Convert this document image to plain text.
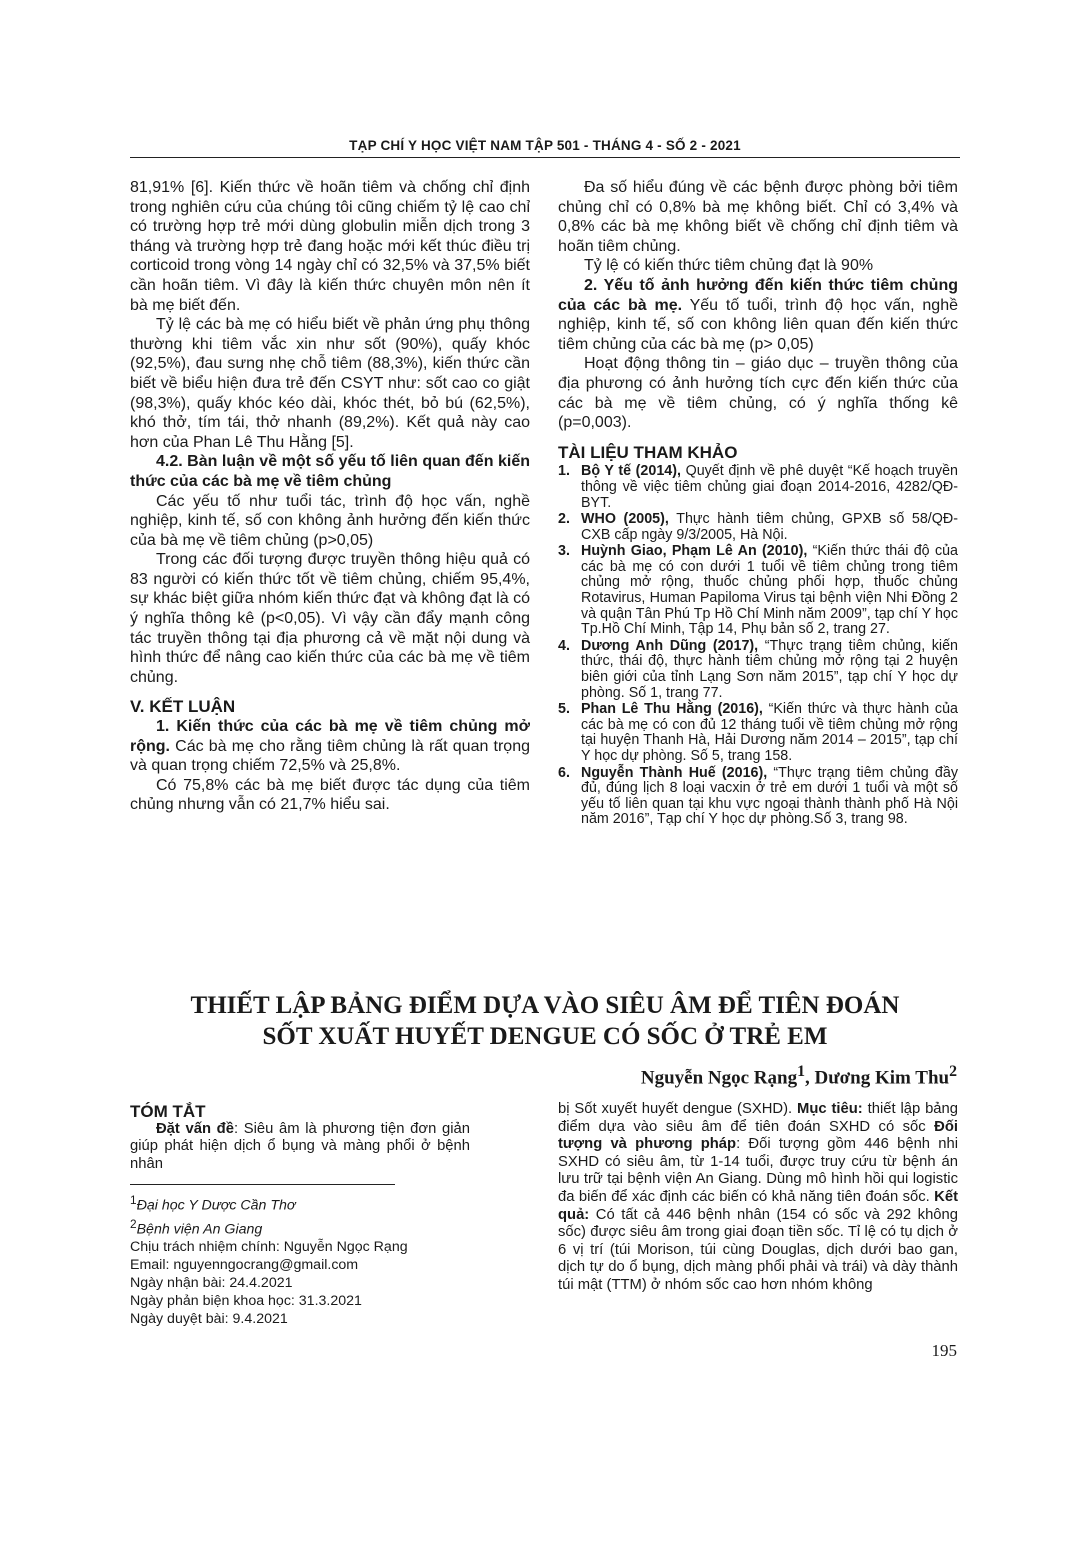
TẠP CHÍ Y HỌC VIỆT NAM TẬP 501 - THÁNG 4 - SỐ 2 - 2021

81,91% [6]. Kiến thức về hoãn tiêm và chống chỉ định trong nghiên cứu của chúng tôi cũng chiếm tỷ lệ cao chỉ có trường hợp trẻ mới dùng globulin miễn dịch trong 3 tháng và trường hợp trẻ đang hoặc mới kết thúc điều trị corticoid trong vòng 14 ngày chỉ có 32,5% và 37,5% biết cần hoãn tiêm. Vì đây là kiến thức chuyên môn nên ít bà mẹ biết đến.

Tỷ lệ các bà mẹ có hiểu biết về phản ứng phụ thông thường khi tiêm vắc xin như sốt (90%), quấy khóc (92,5%), đau sưng nhẹ chỗ tiêm (88,3%), kiến thức cần biết về biểu hiện đưa trẻ đến CSYT như: sốt cao co giật (98,3%), quấy khóc kéo dài, khóc thét, bỏ bú (62,5%), khó thở, tím tái, thở nhanh (89,2%). Kết quả này cao hơn của Phan Lê Thu Hằng [5].

4.2. Bàn luận về một số yếu tố liên quan đến kiến thức của các bà mẹ về tiêm chủng

Các yếu tố như tuổi tác, trình độ học vấn, nghề nghiệp, kinh tế, số con không ảnh hưởng đến kiến thức của bà mẹ về tiêm chủng (p>0,05)

Trong các đối tượng được truyền thông hiệu quả có 83 người có kiến thức tốt về tiêm chủng, chiếm 95,4%, sự khác biệt giữa nhóm kiến thức đạt và không đạt là có ý nghĩa thông kê (p<0,05). Vì vậy cần đẩy mạnh công tác truyền thông tại địa phương cả về mặt nội dung và hình thức để nâng cao kiến thức của các bà mẹ về tiêm chủng.

V. KẾT LUẬN

1. Kiến thức của các bà mẹ về tiêm chủng mở rộng. Các bà mẹ cho rằng tiêm chủng là rất quan trọng và quan trọng chiếm 72,5% và 25,8%.

Có 75,8% các bà mẹ biết được tác dụng của tiêm chủng nhưng vẫn có 21,7% hiểu sai.

Đa số hiểu đúng về các bệnh được phòng bởi tiêm chủng chỉ có 0,8% bà mẹ không biết. Chỉ có 3,4% và 0,8% các bà mẹ không biết về chống chỉ định tiêm và hoãn tiêm chủng.

Tỷ lệ có kiến thức tiêm chủng đạt là 90%

2. Yếu tố ảnh hưởng đến kiến thức tiêm chủng của các bà mẹ. Yếu tố tuổi, trình độ học vấn, nghề nghiệp, kinh tế, số con không liên quan đến kiến thức tiêm chủng của các bà mẹ (p> 0,05)

Hoạt động thông tin – giáo dục – truyền thông của địa phương có ảnh hưởng tích cực đến kiến thức của các bà mẹ về tiêm chủng, có ý nghĩa thống kê (p=0,003).

TÀI LIỆU THAM KHẢO

1. Bộ Y tế (2014), Quyết định về phê duyệt “Kế hoạch truyền thông về việc tiêm chủng giai đoạn 2014-2016, 4282/QĐ-BYT.
2. WHO (2005), Thực hành tiêm chủng, GPXB số 58/QĐ-CXB cấp ngày 9/3/2005, Hà Nội.
3. Huỳnh Giao, Phạm Lê An (2010), “Kiến thức thái độ của các bà mẹ có con dưới 1 tuổi về tiêm chủng trong tiêm chủng mở rộng, thuốc chủng phối hợp, thuốc chủng Rotavirus, Human Papiloma Virus tại bệnh viện Nhi Đồng 2 và quận Tân Phú Tp Hồ Chí Minh năm 2009”, tạp chí Y học Tp.Hồ Chí Minh, Tập 14, Phụ bản số 2, trang 27.
4. Dương Anh Dũng (2017), “Thực trạng tiêm chủng, kiến thức, thái độ, thực hành tiêm chủng mở rộng tại 2 huyện biên giới của tỉnh Lạng Sơn năm 2015”, tạp chí Y học dự phòng. Số 1, trang 77.
5. Phan Lê Thu Hằng (2016), “Kiến thức và thực hành của các bà mẹ có con đủ 12 tháng tuổi về tiêm chủng mở rộng tại huyện Thanh Hà, Hải Dương năm 2014 – 2015”, tạp chí Y học dự phòng. Số 5, trang 158.
6. Nguyễn Thành Huế (2016), “Thực trạng tiêm chủng đầy đủ, đúng lịch 8 loại vacxin ở trẻ em dưới 1 tuổi và một số yếu tố liên quan tại khu vực ngoại thành thành phố Hà Nội năm 2016”, Tạp chí Y học dự phòng.Số 3, trang 98.
THIẾT LẬP BẢNG ĐIỂM DỰA VÀO SIÊU ÂM ĐỂ TIÊN ĐOÁN
SỐT XUẤT HUYẾT DENGUE CÓ SỐC Ở TRẺ EM
Nguyễn Ngọc Rạng$^1$, Dương Kim Thu$^2$

TÓM TẮT

Đặt vấn đề: Siêu âm là phương tiện đơn giản giúp phát hiện dịch ổ bụng và màng phổi ở bệnh nhân

$^1$Đại học Y Dược Cần Thơ
$^2$Bệnh viện An Giang
Chịu trách nhiệm chính: Nguyễn Ngọc Rạng
Email: nguyenngocrang@gmail.com
Ngày nhận bài: 24.4.2021
Ngày phản biện khoa học: 31.3.2021
Ngày duyệt bài: 9.4.2021

bị Sốt xuyết huyết dengue (SXHD). Mục tiêu: thiết lập bảng điểm dựa vào siêu âm để tiên đoán SXHD có sốc Đối tượng và phương pháp: Đối tượng gồm 446 bệnh nhi SXHD có siêu âm, từ 1-14 tuổi, được truy cứu từ bệnh án lưu trữ tại bệnh viện An Giang. Dùng mô hình hồi qui logistic đa biến để xác định các biến có khả năng tiên đoán sốc. Kết quả: Có tất cả 446 bệnh nhân (154 có sốc và 292 không sốc) được siêu âm trong giai đoạn tiền sốc. Tỉ lệ có tụ dịch ở 6 vị trí (túi Morison, túi cùng Douglas, dịch dưới bao gan, dịch tự do ổ bụng, dịch màng phổi phải và trái) và dày thành túi mật (TTM) ở nhóm sốc cao hơn nhóm không

195
